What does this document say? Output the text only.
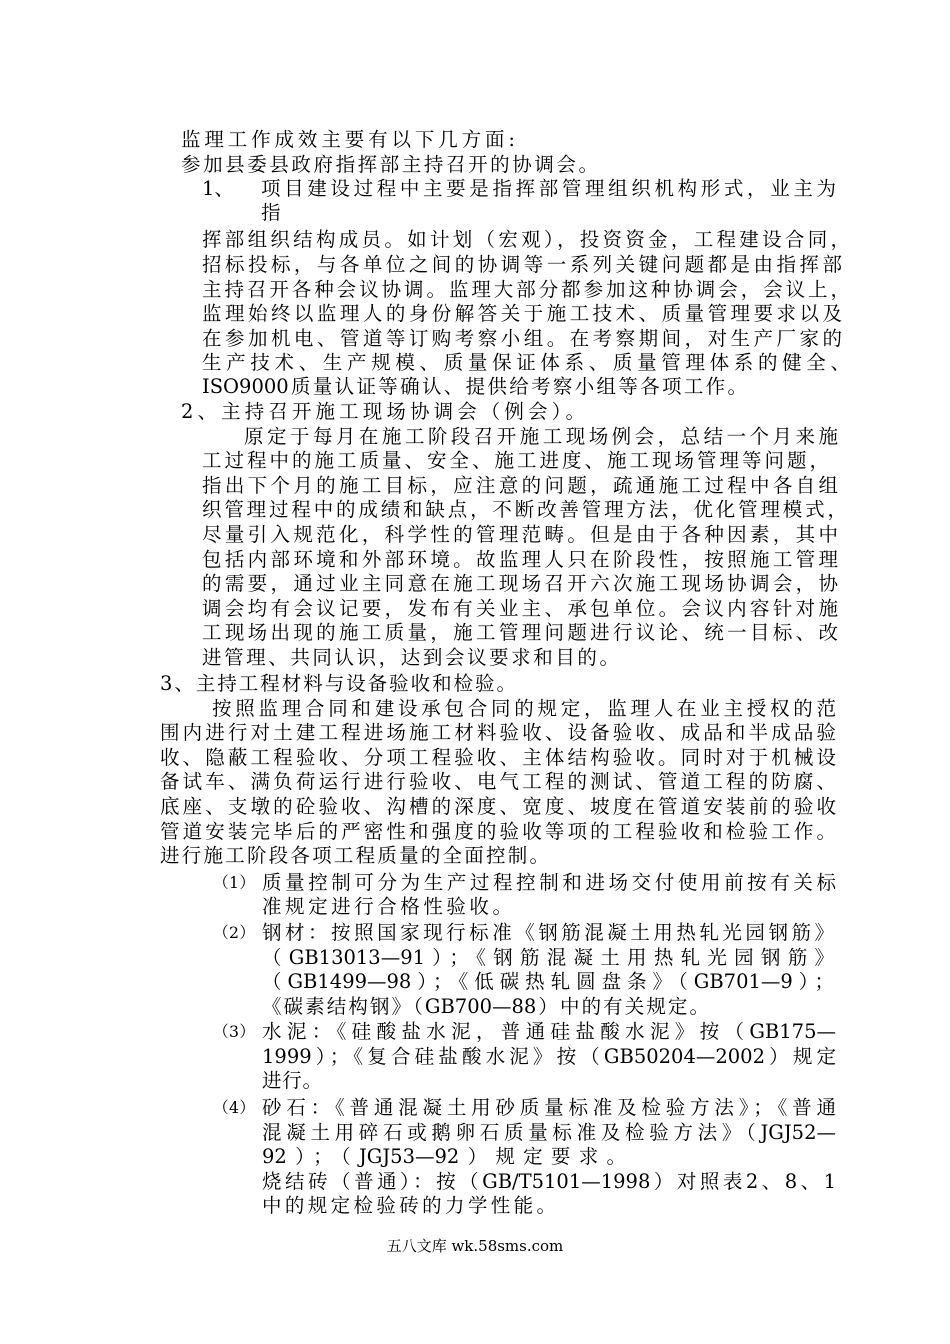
监理工作成效主要有以下几方面:
参加县委县政府指挥部主持召开的协调会。
1、 项目建设过程中主要是指挥部管理组织机构形式，业主为
指
挥部组织结构成员。如计划（宏观），投资资金，工程建设合同，
招标投标，与各单位之间的协调等一系列关键问题都是由指挥部
主持召开各种会议协调。监理大部分都参加这种协调会，会议上，
监理始终以监理人的身份解答关于施工技术、质量管理要求以及
在参加机电、管道等订购考察小组。在考察期间，对生产厂家的
生产技术、生产规模、质量保证体系、质量管理体系的健全、
ISO9000质量认证等确认、提供给考察小组等各项工作。
2、主持召开施工现场协调会（例会）。
原定于每月在施工阶段召开施工现场例会，总结一个月来施
工过程中的施工质量、安全、施工进度、施工现场管理等问题，
指出下个月的施工目标，应注意的问题，疏通施工过程中各自组
织管理过程中的成绩和缺点，不断改善管理方法，优化管理模式，
尽量引入规范化，科学性的管理范畴。但是由于各种因素，其中
包括内部环境和外部环境。故监理人只在阶段性，按照施工管理
的需要，通过业主同意在施工现场召开六次施工现场协调会，协
调会均有会议记要，发布有关业主、承包单位。会议内容针对施
工现场出现的施工质量，施工管理问题进行议论、统一目标、改
进管理、共同认识，达到会议要求和目的。
3、主持工程材料与设备验收和检验。
按照监理合同和建设承包合同的规定，监理人在业主授权的范
围内进行对土建工程进场施工材料验收、设备验收、成品和半成品验
收、隐蔽工程验收、分项工程验收、主体结构验收。同时对于机械设
备试车、满负荷运行进行验收、电气工程的测试、管道工程的防腐、
底座、支墩的砼验收、沟槽的深度、宽度、坡度在管道安装前的验收
管道安装完毕后的严密性和强度的验收等项的工程验收和检验工作。
进行施工阶段各项工程质量的全面控制。
（1） 质量控制可分为生产过程控制和进场交付使用前按有关标
准规定进行合格性验收。
（2） 钢材：按照国家现行标准《钢筋混凝土用热轧光园钢筋》
（GB13013—91）；《钢筋混凝土用热轧光园钢筋》
（GB1499—98）；《低碳热轧圆盘条》（GB701—9）；
《碳素结构钢》（GB700—88）中的有关规定。
（3） 水泥：《硅酸盐水泥，普通硅盐酸水泥》按（GB175—
1999）；《复合硅盐酸水泥》按（GB50204—2002）规定
进行。
（4） 砂石：《普通混凝土用砂质量标准及检验方法》；《普通
混凝土用碎石或鹅卵石质量标准及检验方法》（JGJ52—
92）；（JGJ53—92）规定要求。
烧结砖（普通）：按（GB/T5101—1998）对照表2、8、1
中的规定检验砖的力学性能。
五八文库 wk.58sms.com
